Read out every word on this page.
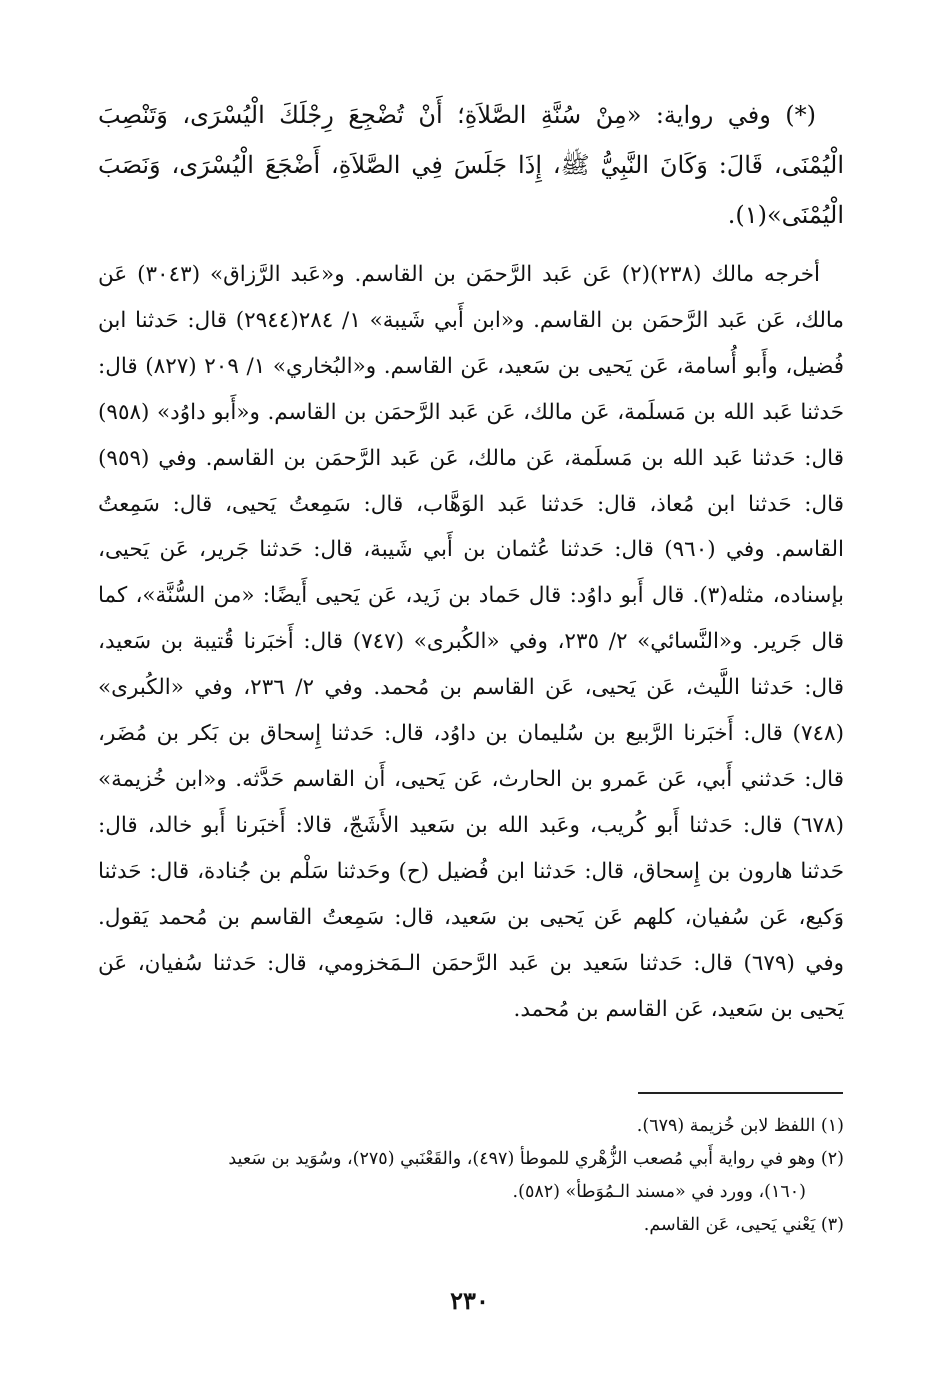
(*) وفي رواية: «مِنْ سُنَّةِ الصَّلاَةِ؛ أَنْ تُضْجِعَ رِجْلَكَ الْيُسْرَى، وَتَنْصِبَ الْيُمْنَى، قَالَ: وَكَانَ النَّبِيُّ ﷺ، إِذَا جَلَسَ فِي الصَّلاَةِ، أَضْجَعَ الْيُسْرَى، وَنَصَبَ الْيُمْنَى»(١).

أخرجه مالك (٢٣٨)(٢) عَن عَبد الرَّحمَن بن القاسم. و«عَبد الرَّزاق» (٣٠٤٣) عَن مالك، عَن عَبد الرَّحمَن بن القاسم. و«ابن أَبي شَيبة» ١/ ٢٨٤(٢٩٤٤) قال: حَدثنا ابن فُضيل، وأَبو أُسامة، عَن يَحيى بن سَعيد، عَن القاسم. و«البُخاري» ١/ ٢٠٩ (٨٢٧) قال: حَدثنا عَبد الله بن مَسلَمة، عَن مالك، عَن عَبد الرَّحمَن بن القاسم. و«أَبو داوُد» (٩٥٨) قال: حَدثنا عَبد الله بن مَسلَمة، عَن مالك، عَن عَبد الرَّحمَن بن القاسم. وفي (٩٥٩) قال: حَدثنا ابن مُعاذ، قال: حَدثنا عَبد الوَهَّاب، قال: سَمِعتُ يَحيى، قال: سَمِعتُ القاسم. وفي (٩٦٠) قال: حَدثنا عُثمان بن أَبي شَيبة، قال: حَدثنا جَرير، عَن يَحيى، بإسناده، مثله(٣). قال أَبو داوُد: قال حَماد بن زَيد، عَن يَحيى أَيضًا: «من السُّنَّة»، كما قال جَرير. و«النَّسائي» ٢/ ٢٣٥، وفي «الكُبرى» (٧٤٧) قال: أَخبَرنا قُتيبة بن سَعيد، قال: حَدثنا اللَّيث، عَن يَحيى، عَن القاسم بن مُحمد. وفي ٢/ ٢٣٦، وفي «الكُبرى» (٧٤٨) قال: أَخبَرنا الرَّبيع بن سُليمان بن داوُد، قال: حَدثنا إِسحاق بن بَكر بن مُضَر، قال: حَدثني أَبي، عَن عَمرو بن الحارث، عَن يَحيى، أَن القاسم حَدَّثه. و«ابن خُزيمة» (٦٧٨) قال: حَدثنا أَبو كُريب، وعَبد الله بن سَعيد الأَشَجّ، قالا: أَخبَرنا أَبو خالد، قال: حَدثنا هارون بن إِسحاق، قال: حَدثنا ابن فُضيل (ح) وحَدثنا سَلْم بن جُنادة، قال: حَدثنا وَكيع، عَن سُفيان، كلهم عَن يَحيى بن سَعيد، قال: سَمِعتُ القاسم بن مُحمد يَقول. وفي (٦٧٩) قال: حَدثنا سَعيد بن عَبد الرَّحمَن الـمَخزومي، قال: حَدثنا سُفيان، عَن يَحيى بن سَعيد، عَن القاسم بن مُحمد.

(١) اللفظ لابن خُزيمة (٦٧٩).

(٢) وهو في رواية أَبي مُصعب الزُّهْري للموطأ (٤٩٧)، والقَعْنَبي (٢٧٥)، وسُوَيد بن سَعيد

(١٦٠)، وورد في «مسند الـمُوَطأ» (٥٨٢).

(٣) يَعْني يَحيى، عَن القاسم.

٢٣٠
